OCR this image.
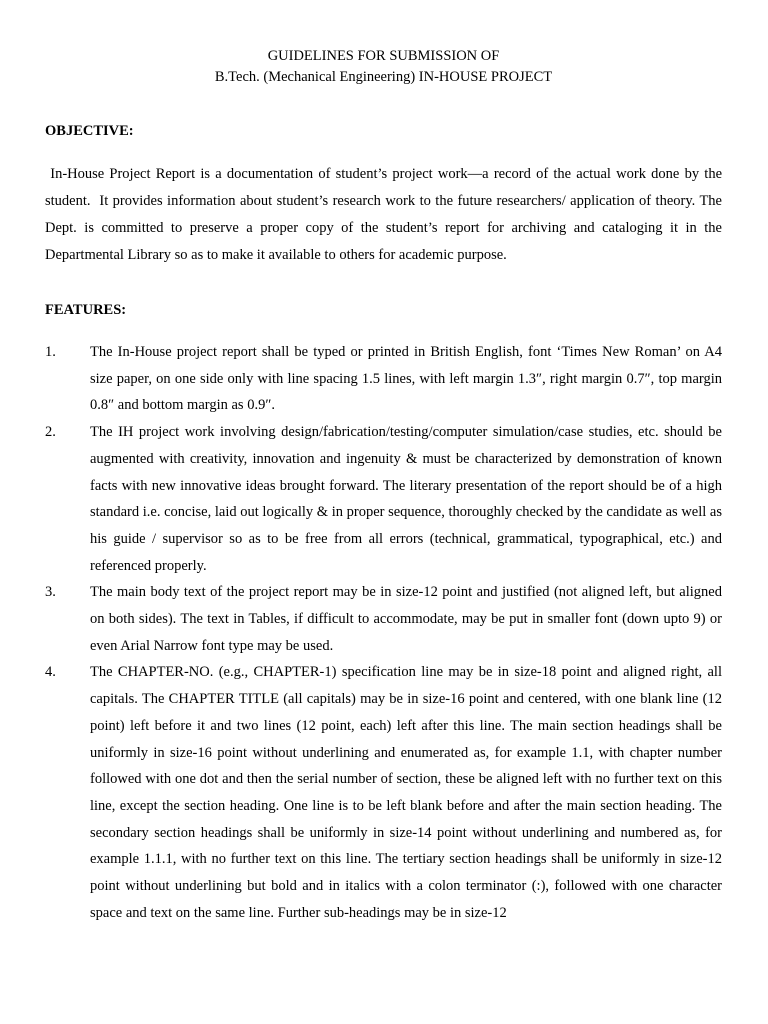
GUIDELINES FOR SUBMISSION OF
B.Tech. (Mechanical Engineering) IN-HOUSE PROJECT
OBJECTIVE:
In-House Project Report is a documentation of student’s project work—a record of the actual work done by the student.  It provides information about student’s research work to the future researchers/ application of theory. The Dept. is committed to preserve a proper copy of the student’s report for archiving and cataloging it in the Departmental Library so as to make it available to others for academic purpose.
FEATURES:
1.	The In-House project report shall be typed or printed in British English, font ‘Times New Roman’ on A4 size paper, on one side only with line spacing 1.5 lines, with left margin 1.3″, right margin 0.7″, top margin 0.8″ and bottom margin as 0.9″.
2.	The IH project work involving design/fabrication/testing/computer simulation/case studies, etc. should be augmented with creativity, innovation and ingenuity & must be characterized by demonstration of known facts with new innovative ideas brought forward. The literary presentation of the report should be of a high standard i.e. concise, laid out logically & in proper sequence, thoroughly checked by the candidate as well as his guide / supervisor so as to be free from all errors (technical, grammatical, typographical, etc.) and referenced properly.
3.	The main body text of the project report may be in size-12 point and justified (not aligned left, but aligned on both sides). The text in Tables, if difficult to accommodate, may be put in smaller font (down upto 9) or even Arial Narrow font type may be used.
4.	The CHAPTER-NO. (e.g., CHAPTER-1) specification line may be in size-18 point and aligned right, all capitals. The CHAPTER TITLE (all capitals) may be in size-16 point and centered, with one blank line (12 point) left before it and two lines (12 point, each) left after this line. The main section headings shall be uniformly in size-16 point without underlining and enumerated as, for example 1.1, with chapter number followed with one dot and then the serial number of section, these be aligned left with no further text on this line, except the section heading. One line is to be left blank before and after the main section heading. The secondary section headings shall be uniformly in size-14 point without underlining and numbered as, for example 1.1.1, with no further text on this line. The tertiary section headings shall be uniformly in size-12 point without underlining but bold and in italics with a colon terminator (:), followed with one character space and text on the same line. Further sub-headings may be in size-12
